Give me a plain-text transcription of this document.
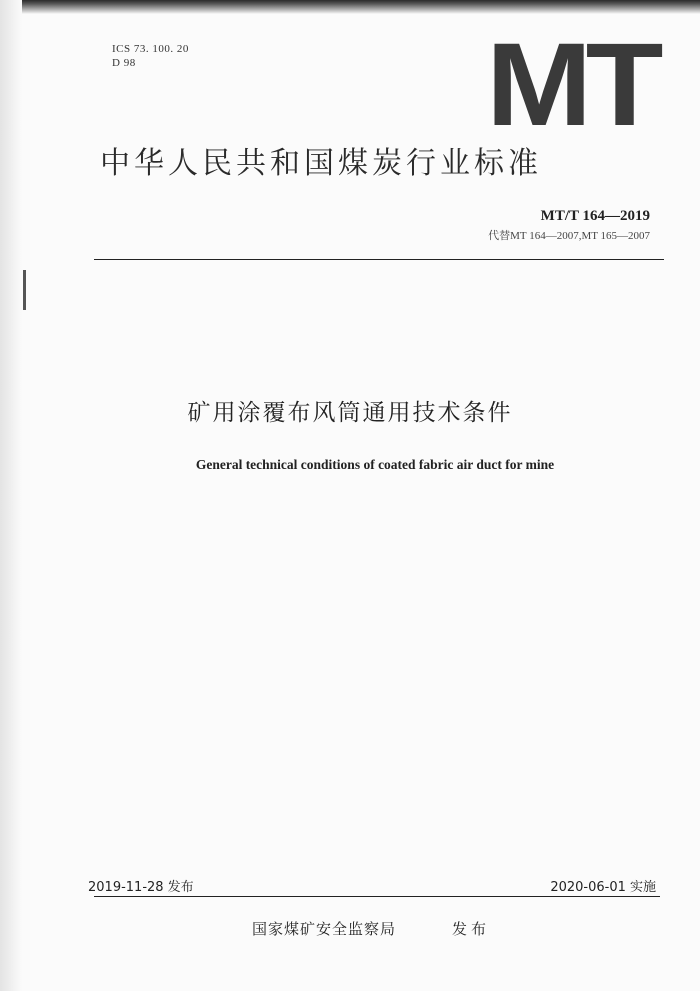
ICS 73. 100. 20
D 98	MT
中华人民共和国煤炭行业标准
MT/T 164—2019
代替MT 164—2007,MT 165—2007
矿用涂覆布风筒通用技术条件
General technical conditions of coated fabric air duct for mine
2019-11-28 发布	2020-06-01 实施
国家煤矿安全监察局	发布
